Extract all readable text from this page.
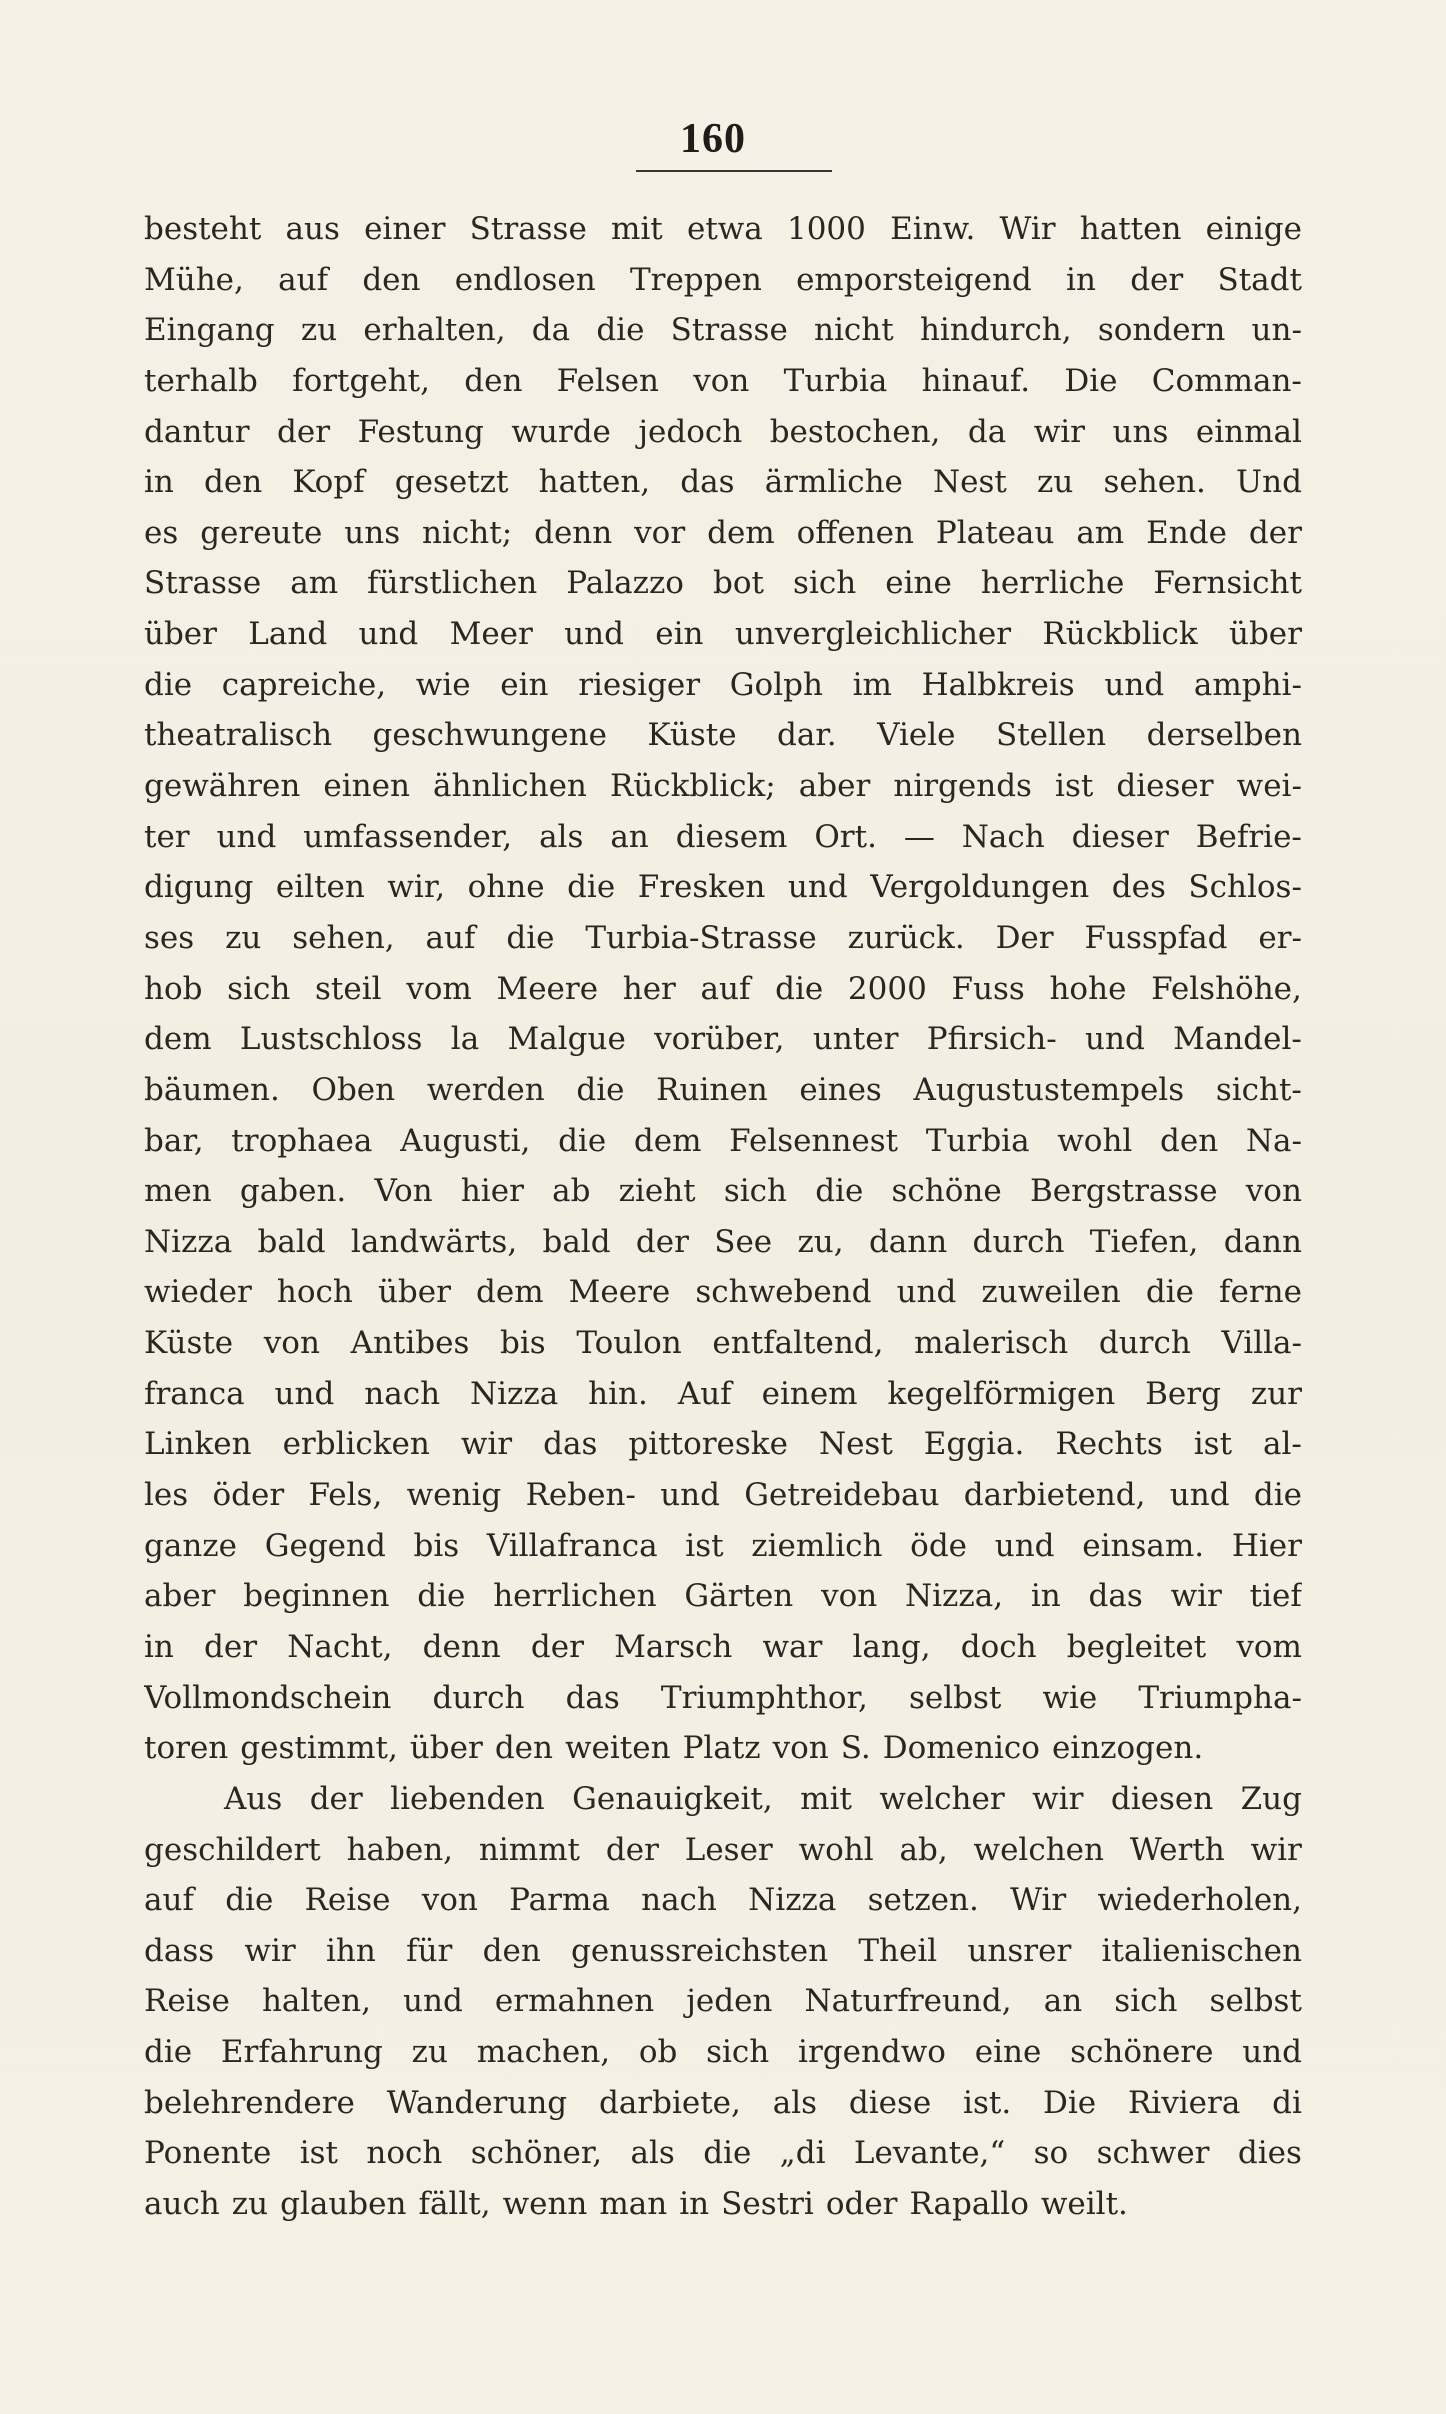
160
besteht aus einer Strasse mit etwa 1000 Einw. Wir hatten einige
Mühe, auf den endlosen Treppen emporsteigend in der Stadt
Eingang zu erhalten, da die Strasse nicht hindurch, sondern un-
terhalb fortgeht, den Felsen von Turbia hinauf. Die Comman-
dantur der Festung wurde jedoch bestochen, da wir uns einmal
in den Kopf gesetzt hatten, das ärmliche Nest zu sehen. Und
es gereute uns nicht; denn vor dem offenen Plateau am Ende der
Strasse am fürstlichen Palazzo bot sich eine herrliche Fernsicht
über Land und Meer und ein unvergleichlicher Rückblick über
die capreiche, wie ein riesiger Golph im Halbkreis und amphi-
theatralisch geschwungene Küste dar. Viele Stellen derselben
gewähren einen ähnlichen Rückblick; aber nirgends ist dieser wei-
ter und umfassender, als an diesem Ort. — Nach dieser Befrie-
digung eilten wir, ohne die Fresken und Vergoldungen des Schlos-
ses zu sehen, auf die Turbia-Strasse zurück. Der Fusspfad er-
hob sich steil vom Meere her auf die 2000 Fuss hohe Felshöhe,
dem Lustschloss la Malgue vorüber, unter Pfirsich- und Mandel-
bäumen. Oben werden die Ruinen eines Augustustempels sicht-
bar, trophaea Augusti, die dem Felsennest Turbia wohl den Na-
men gaben. Von hier ab zieht sich die schöne Bergstrasse von
Nizza bald landwärts, bald der See zu, dann durch Tiefen, dann
wieder hoch über dem Meere schwebend und zuweilen die ferne
Küste von Antibes bis Toulon entfaltend, malerisch durch Villa-
franca und nach Nizza hin. Auf einem kegelförmigen Berg zur
Linken erblicken wir das pittoreske Nest Eggia. Rechts ist al-
les öder Fels, wenig Reben- und Getreidebau darbietend, und die
ganze Gegend bis Villafranca ist ziemlich öde und einsam. Hier
aber beginnen die herrlichen Gärten von Nizza, in das wir tief
in der Nacht, denn der Marsch war lang, doch begleitet vom
Vollmondschein durch das Triumphthor, selbst wie Triumpha-
toren gestimmt, über den weiten Platz von S. Domenico einzogen.
Aus der liebenden Genauigkeit, mit welcher wir diesen Zug
geschildert haben, nimmt der Leser wohl ab, welchen Werth wir
auf die Reise von Parma nach Nizza setzen. Wir wiederholen,
dass wir ihn für den genussreichsten Theil unsrer italienischen
Reise halten, und ermahnen jeden Naturfreund, an sich selbst
die Erfahrung zu machen, ob sich irgendwo eine schönere und
belehrendere Wanderung darbiete, als diese ist. Die Riviera di
Ponente ist noch schöner, als die „di Levante,“ so schwer dies
auch zu glauben fällt, wenn man in Sestri oder Rapallo weilt.
